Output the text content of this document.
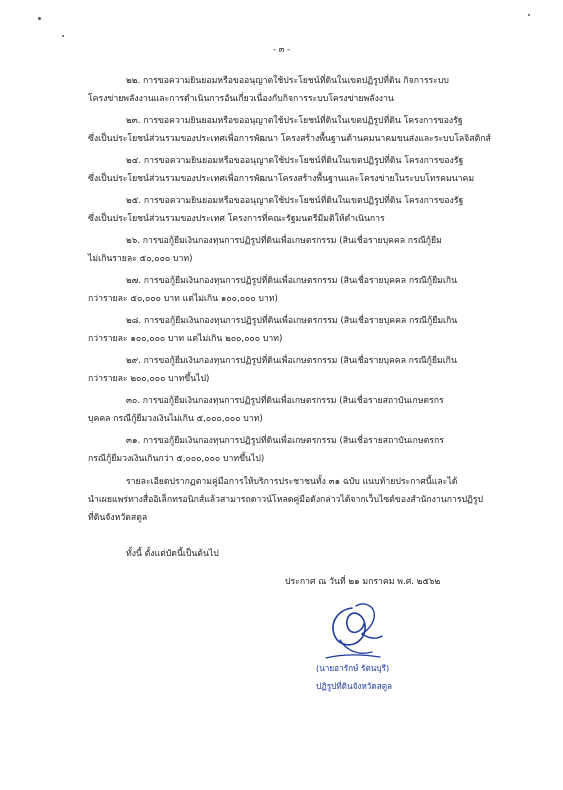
- ๓ -

๒๒. การขอความยินยอมหรือขออนุญาตใช้ประโยชน์ที่ดินในเขตปฏิรูปที่ดิน กิจการระบบ
โครงข่ายพลังงานและการดำเนินการอันเกี่ยวเนื่องกับกิจการระบบโครงข่ายพลังงาน

๒๓. การขอความยินยอมหรือขออนุญาตใช้ประโยชน์ที่ดินในเขตปฏิรูปที่ดิน โครงการของรัฐ
ซึ่งเป็นประโยชน์ส่วนรวมของประเทศเพื่อการพัฒนา โครงสร้างพื้นฐานด้านคมนาคมขนส่งและระบบโลจิสติกส์

๒๔. การขอความยินยอมหรือขออนุญาตใช้ประโยชน์ที่ดินในเขตปฏิรูปที่ดิน โครงการของรัฐ
ซึ่งเป็นประโยชน์ส่วนรวมของประเทศเพื่อการพัฒนาโครงสร้างพื้นฐานและโครงข่ายในระบบโทรคมนาคม

๒๕. การขอความยินยอมหรือขออนุญาตใช้ประโยชน์ที่ดินในเขตปฏิรูปที่ดิน โครงการของรัฐ
ซึ่งเป็นประโยชน์ส่วนรวมของประเทศ โครงการที่คณะรัฐมนตรีมีมติให้ดำเนินการ

๒๖. การขอกู้ยืมเงินกองทุนการปฏิรูปที่ดินเพื่อเกษตรกรรม (สินเชื่อรายบุคคล กรณีกู้ยืม
ไม่เกินรายละ ๕๐,๐๐๐ บาท)

๒๗. การขอกู้ยืมเงินกองทุนการปฏิรูปที่ดินเพื่อเกษตรกรรม (สินเชื่อรายบุคคล กรณีกู้ยืมเกิน
กว่ารายละ ๕๐,๐๐๐ บาท แต่ไม่เกิน ๑๐๐,๐๐๐ บาท)

๒๘. การขอกู้ยืมเงินกองทุนการปฏิรูปที่ดินเพื่อเกษตรกรรม (สินเชื่อรายบุคคล กรณีกู้ยืมเกิน
กว่ารายละ ๑๐๐,๐๐๐ บาท แต่ไม่เกิน ๒๐๐,๐๐๐ บาท)

๒๙. การขอกู้ยืมเงินกองทุนการปฏิรูปที่ดินเพื่อเกษตรกรรม (สินเชื่อรายบุคคล กรณีกู้ยืมเกิน
กว่ารายละ ๒๐๐,๐๐๐ บาทขึ้นไป)

๓๐. การขอกู้ยืมเงินกองทุนการปฏิรูปที่ดินเพื่อเกษตรกรรม (สินเชื่อรายสถาบันเกษตรกร
บุคคล กรณีกู้ยืมวงเงินไม่เกิน ๕,๐๐๐,๐๐๐ บาท)

๓๑. การขอกู้ยืมเงินกองทุนการปฏิรูปที่ดินเพื่อเกษตรกรรม (สินเชื่อรายสถาบันเกษตรกร
กรณีกู้ยืมวงเงินเกินกว่า ๕,๐๐๐,๐๐๐ บาทขึ้นไป)

รายละเอียดปรากฏตามคู่มือการให้บริการประชาชนทั้ง ๓๑ ฉบับ แนบท้ายประกาศนี้และได้
นำเผยแพร่ทางสื่ออิเล็กทรอนิกส์แล้วสามารถดาวน์โหลดคู่มือดังกล่าวได้จากเว็บไซต์ของสำนักงานการปฏิรูป
ที่ดินจังหวัดสตูล

ทั้งนี้ ตั้งแต่บัดนี้เป็นต้นไป
ประกาศ ณ วันที่ ๒๑ มกราคม พ.ศ. ๒๕๖๒
(นายอารักษ์ รัตนบุรี)
ปฏิรูปที่ดินจังหวัดสตูล
